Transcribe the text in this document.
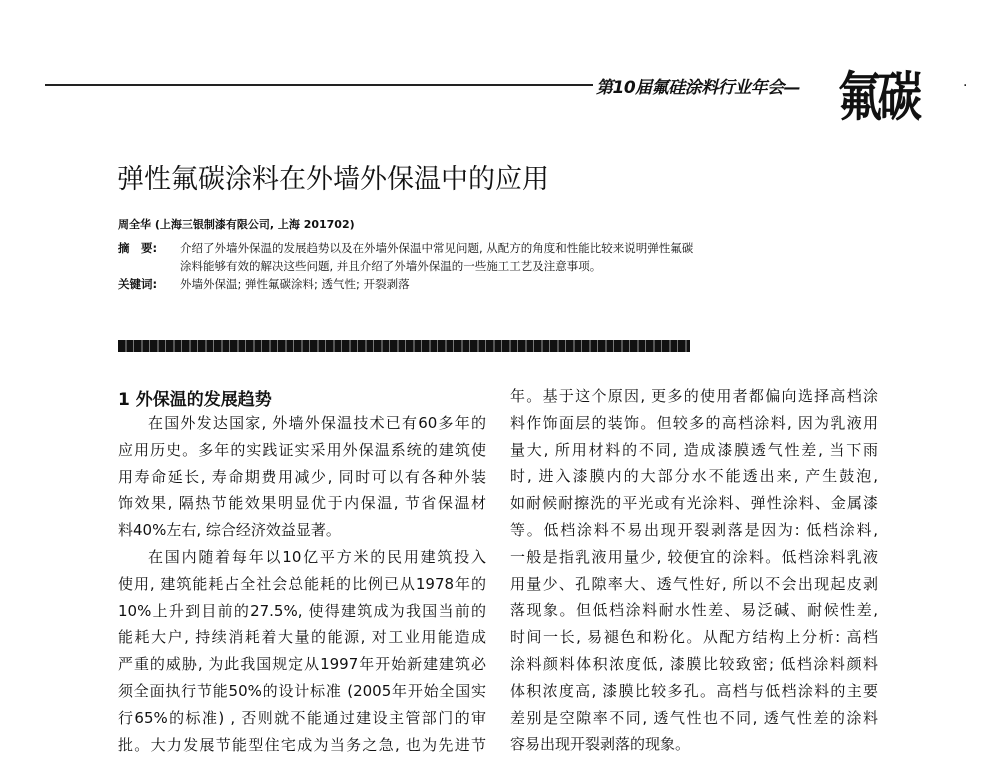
第10届氟硅涂料行业年会— 氟碳	·
弹性氟碳涂料在外墙外保温中的应用
周全华 (上海三银制漆有限公司, 上海 201702)
摘　要: 介绍了外墙外保温的发展趋势以及在外墙外保温中常见问题, 从配方的角度和性能比较来说明弹性氟碳
涂料能够有效的解决这些问题, 并且介绍了外墙外保温的一些施工工艺及注意事项。
关键词: 外墙外保温; 弹性氟碳涂料; 透气性; 开裂剥落
1 外保温的发展趋势
在国外发达国家, 外墙外保温技术已有60多年的
应用历史。多年的实践证实采用外保温系统的建筑使
用寿命延长, 寿命期费用减少, 同时可以有各种外装
饰效果, 隔热节能效果明显优于内保温, 节省保温材
料40%左右, 综合经济效益显著。
在国内随着每年以10亿平方米的民用建筑投入
使用, 建筑能耗占全社会总能耗的比例已从1978年的
10%上升到目前的27.5%, 使得建筑成为我国当前的
能耗大户, 持续消耗着大量的能源, 对工业用能造成
严重的威胁, 为此我国规定从1997年开始新建建筑必
须全面执行节能50%的设计标准 (2005年开始全国实
行65%的标准) , 否则就不能通过建设主管部门的审
批。大力发展节能型住宅成为当务之急, 也为先进节
年。基于这个原因, 更多的使用者都偏向选择高档涂
料作饰面层的装饰。但较多的高档涂料, 因为乳液用
量大, 所用材料的不同, 造成漆膜透气性差, 当下雨
时, 进入漆膜内的大部分水不能透出来, 产生鼓泡,
如耐候耐擦洗的平光或有光涂料、弹性涂料、金属漆
等。低档涂料不易出现开裂剥落是因为: 低档涂料,
一般是指乳液用量少, 较便宜的涂料。低档涂料乳液
用量少、孔隙率大、透气性好, 所以不会出现起皮剥
落现象。但低档涂料耐水性差、易泛碱、耐候性差,
时间一长, 易褪色和粉化。从配方结构上分析: 高档
涂料颜料体积浓度低, 漆膜比较致密; 低档涂料颜料
体积浓度高, 漆膜比较多孔。高档与低档涂料的主要
差别是空隙率不同, 透气性也不同, 透气性差的涂料
容易出现开裂剥落的现象。
